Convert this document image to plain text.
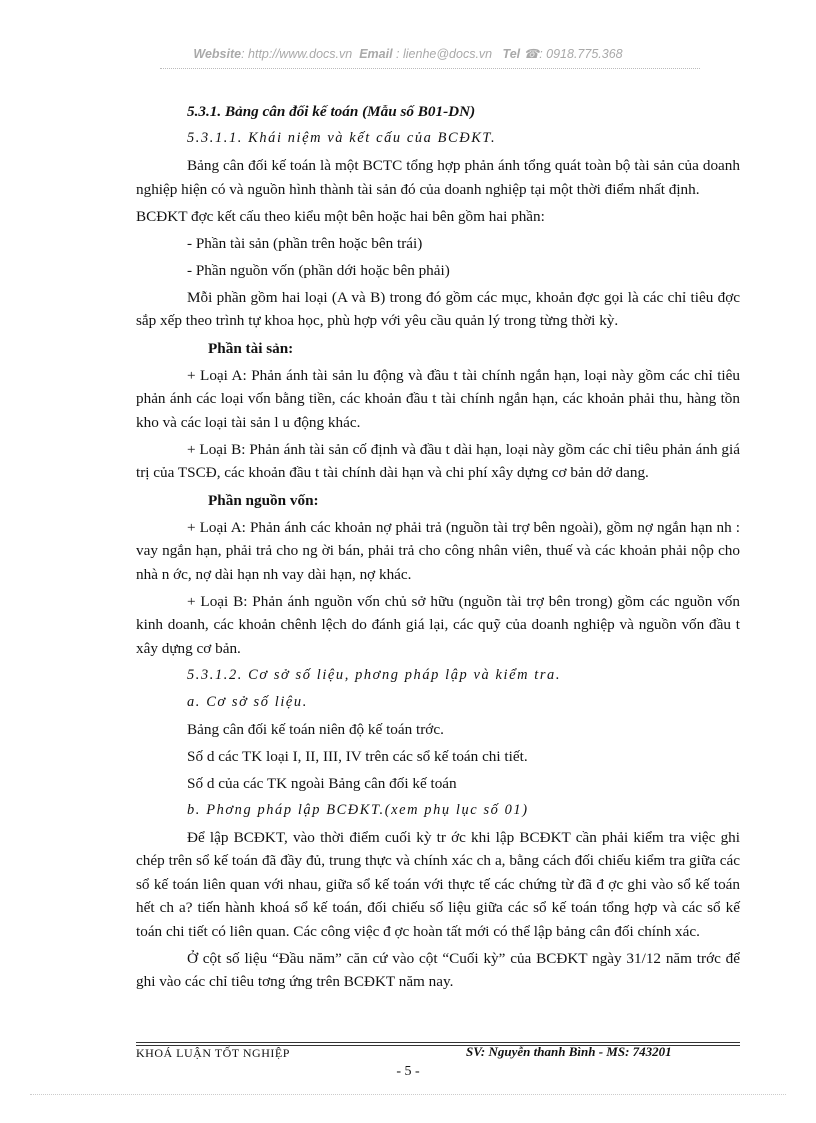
Website: http://www.docs.vn Email : lienhe@docs.vn Tel ☎: 0918.775.368

5.3.1. Bảng cân đối kế toán (Mẫu số B01-DN)

5.3.1.1. Khái niệm và kết cấu của BCĐKT.

Bảng cân đối kế toán là một BCTC tổng hợp phản ánh tổng quát toàn bộ tài sản của doanh nghiệp hiện có và nguồn hình thành tài sản đó của doanh nghiệp tại một thời điểm nhất định.

BCĐKT đợc kết cấu theo kiểu một bên hoặc hai bên gồm hai phần:

- Phần tài sản (phần trên hoặc bên trái)

- Phần nguồn vốn (phần dới hoặc bên phải)

Mỗi phần gồm hai loại (A và B) trong đó gồm các mục, khoản đợc gọi là các chỉ tiêu đợc sắp xếp theo trình tự khoa học, phù hợp với yêu cầu quản lý trong từng thời kỳ.

Phần tài sản:

+ Loại A: Phản ánh tài sản lu động và đầu t tài chính ngắn hạn, loại này gồm các chỉ tiêu phản ánh các loại vốn bằng tiền, các khoản đầu t tài chính ngắn hạn, các khoản phải thu, hàng tồn kho và các loại tài sản l u động khác.

+ Loại B: Phản ánh tài sản cố định và đầu t dài hạn, loại này gồm các chỉ tiêu phản ánh giá trị của TSCĐ, các khoản đầu t tài chính dài hạn và chi phí xây dựng cơ bản dở dang.

Phần nguồn vốn:

+ Loại A: Phản ánh các khoản nợ phải trả (nguồn tài trợ bên ngoài), gồm nợ ngắn hạn nh : vay ngắn hạn, phải trả cho ng ời bán, phải trả cho công nhân viên, thuế và các khoản phải nộp cho nhà n ớc, nợ dài hạn nh vay dài hạn, nợ khác.

+ Loại B: Phản ánh nguồn vốn chủ sở hữu (nguồn tài trợ bên trong) gồm các nguồn vốn kinh doanh, các khoản chênh lệch do đánh giá lại, các quỹ của doanh nghiệp và nguồn vốn đầu t xây dựng cơ bản.

5.3.1.2. Cơ sở số liệu, phơng pháp lập và kiểm tra.

a. Cơ sở số liệu.

Bảng cân đối kế toán niên độ kế toán trớc.

Số d các TK loại I, II, III, IV trên các sổ kế toán chi tiết.

Số d của các TK ngoài Bảng cân đối kế toán

b. Phơng pháp lập BCĐKT.(xem phụ lục số 01)

Để lập BCĐKT, vào thời điểm cuối kỳ tr ớc khi lập BCĐKT cần phải kiểm tra việc ghi chép trên sổ kế toán đã đầy đủ, trung thực và chính xác ch a, bằng cách đối chiếu kiểm tra giữa các sổ kế toán liên quan với nhau, giữa sổ kế toán với thực tế các chứng từ đã đ ợc ghi vào sổ kế toán hết ch a? tiến hành khoá sổ kế toán, đối chiếu số liệu giữa các sổ kế toán tổng hợp và các sổ kế toán chi tiết có liên quan. Các công việc đ ợc hoàn tất mới có thể lập bảng cân đối chính xác.

Ở cột số liệu “Đầu năm” căn cứ vào cột “Cuối kỳ” của BCĐKT ngày 31/12 năm trớc để ghi vào các chỉ tiêu tơng ứng trên BCĐKT năm nay.

KHOÁ LUẬN TỐT NGHIỆP	SV: Nguyễn thanh Bình - MS: 743201
- 5 -
